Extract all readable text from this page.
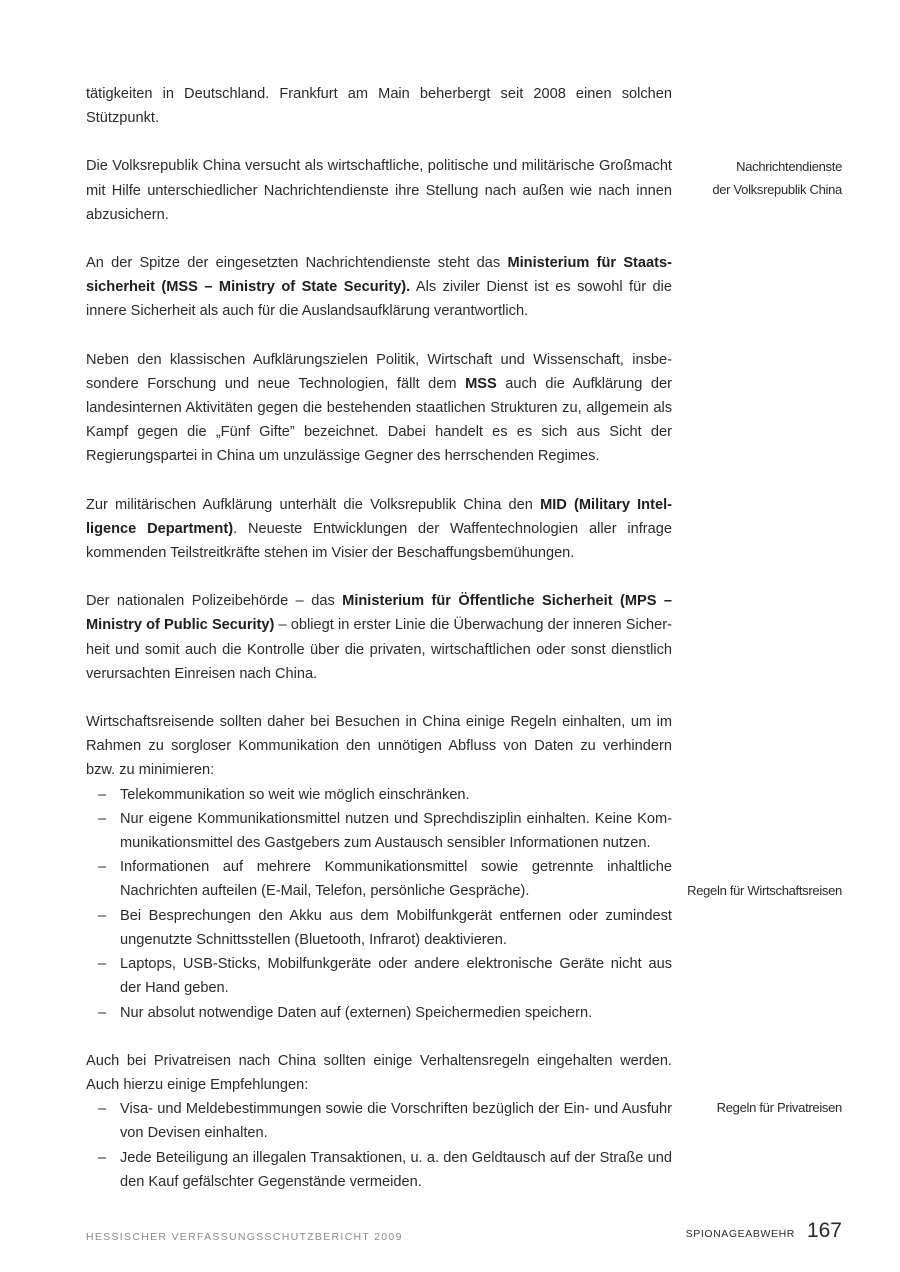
tätigkeiten in Deutschland. Frankfurt am Main beherbergt seit 2008 einen solchen Stützpunkt.

Die Volksrepublik China versucht als wirtschaftliche, politische und militärische Großmacht mit Hilfe unterschiedlicher Nachrichtendienste ihre Stellung nach außen wie nach innen abzusichern.

An der Spitze der eingesetzten Nachrichtendienste steht das Ministerium für Staatssicherheit (MSS – Ministry of State Security). Als ziviler Dienst ist es sowohl für die innere Sicherheit als auch für die Auslandsaufklärung verantwortlich.

Neben den klassischen Aufklärungszielen Politik, Wirtschaft und Wissenschaft, insbesondere Forschung und neue Technologien, fällt dem MSS auch die Aufklärung der landesinternen Aktivitäten gegen die bestehenden staatlichen Strukturen zu, allgemein als Kampf gegen die „Fünf Gifte” bezeichnet. Dabei handelt es es sich aus Sicht der Regierungspartei in China um unzulässige Gegner des herrschenden Regimes.

Zur militärischen Aufklärung unterhält die Volksrepublik China den MID (Military Intelligence Department). Neueste Entwicklungen der Waffentechnologien aller infrage kommenden Teilstreitkräfte stehen im Visier der Beschaffungsbemühungen.

Der nationalen Polizeibehörde – das Ministerium für Öffentliche Sicherheit (MPS – Ministry of Public Security) – obliegt in erster Linie die Überwachung der inneren Sicherheit und somit auch die Kontrolle über die privaten, wirtschaftlichen oder sonst dienstlich verursachten Einreisen nach China.

Wirtschaftsreisende sollten daher bei Besuchen in China einige Regeln einhalten, um im Rahmen zu sorgloser Kommunikation den unnötigen Abfluss von Daten zu verhindern bzw. zu minimieren:

– Telekommunikation so weit wie möglich einschränken.
– Nur eigene Kommunikationsmittel nutzen und Sprechdisziplin einhalten. Keine Kommunikationsmittel des Gastgebers zum Austausch sensibler Informationen nutzen.
– Informationen auf mehrere Kommunikationsmittel sowie getrennte inhaltliche Nachrichten aufteilen (E-Mail, Telefon, persönliche Gespräche).
– Bei Besprechungen den Akku aus dem Mobilfunkgerät entfernen oder zumindest ungenutzte Schnittsstellen (Bluetooth, Infrarot) deaktivieren.
– Laptops, USB-Sticks, Mobilfunkgeräte oder andere elektronische Geräte nicht aus der Hand geben.
– Nur absolut notwendige Daten auf (externen) Speichermedien speichern.

Auch bei Privatreisen nach China sollten einige Verhaltensregeln eingehalten werden. Auch hierzu einige Empfehlungen:

– Visa- und Meldebestimmungen sowie die Vorschriften bezüglich der Ein- und Ausfuhr von Devisen einhalten.
– Jede Beteiligung an illegalen Transaktionen, u. a. den Geldtausch auf der Straße und den Kauf gefälschter Gegenstände vermeiden.
Nachrichtendienste
der Volksrepublik China
Regeln für Wirtschaftsreisen
Regeln für Privatreisen
HESSISCHER VERFASSUNGSSCHUTZBERICHT 2009	SPIONAGEABWEHR 167
